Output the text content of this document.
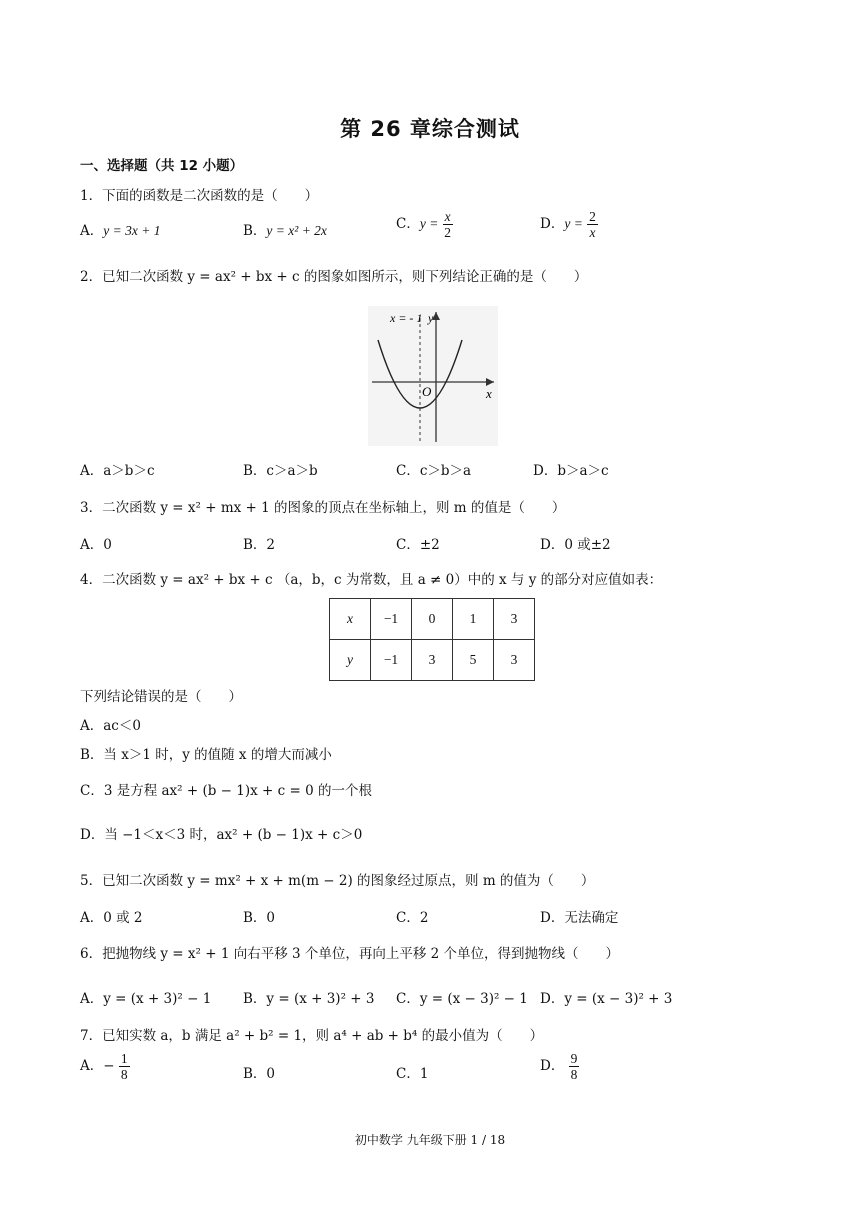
第 26 章综合测试
一、选择题（共 12 小题）
1．下面的函数是二次函数的是（　　）
A．y = 3x + 1	B．y = x² + 2x	C．$y = \frac{x}{2}$	D．$y = \frac{2}{x}$
2．已知二次函数 y = ax² + bx + c 的图象如图所示，则下列结论正确的是（　　）
x = - 1 y
O	x
A．a＞b＞c	B．c＞a＞b	C．c＞b＞a	D．b＞a＞c
3．二次函数 y = x² + mx + 1 的图象的顶点在坐标轴上，则 m 的值是（　　）
A．0	B．2	C．±2	D．0 或±2
4．二次函数 y = ax² + bx + c （a，b，c 为常数，且 a ≠ 0）中的 x 与 y 的部分对应值如表：
x	−1	0	1	3
y	−1	3	5	3
下列结论错误的是（　　）
A．ac＜0
B．当 x＞1 时，y 的值随 x 的增大而减小
C．3 是方程 ax² + (b − 1)x + c = 0 的一个根
D．当 −1＜x＜3 时，ax² + (b − 1)x + c＞0
5．已知二次函数 y = mx² + x + m(m − 2) 的图象经过原点，则 m 的值为（　　）
A．0 或 2	B．0	C．2	D．无法确定
6．把抛物线 y = x² + 1 向右平移 3 个单位，再向上平移 2 个单位，得到抛物线（　　）
A．y = (x + 3)² − 1 B．y = (x + 3)² + 3 C．y = (x − 3)² − 1 D．y = (x − 3)² + 3
7．已知实数 a，b 满足 a² + b² = 1，则 a⁴ + ab + b⁴ 的最小值为（　　）
A．− $\frac{1}{8}$	B．0	C．1	D． $\frac{9}{8}$
初中数学 九年级下册 1 / 18
